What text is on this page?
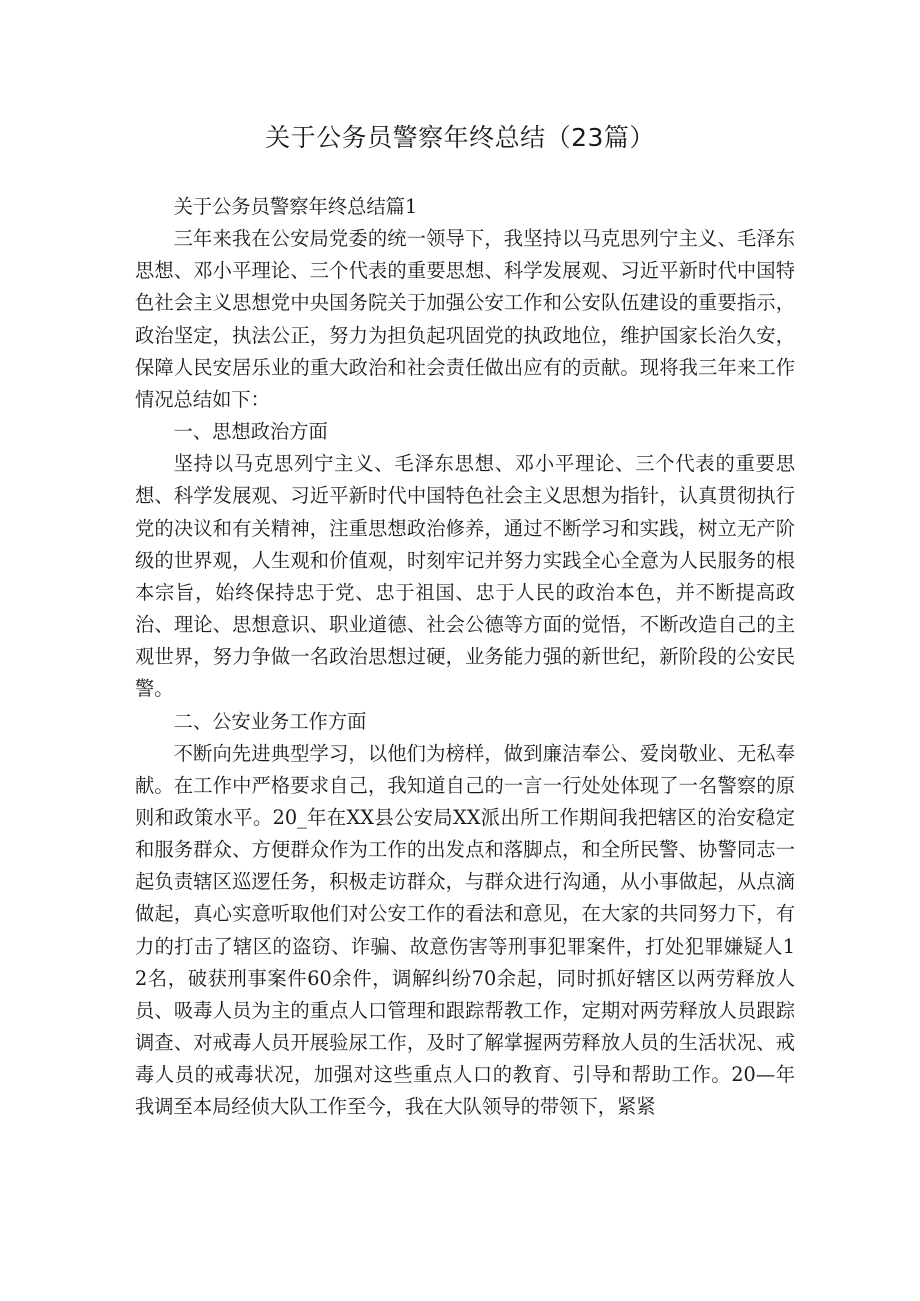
关于公务员警察年终总结（23篇）

关于公务员警察年终总结篇1

三年来我在公安局党委的统一领导下，我坚持以马克思列宁主义、毛泽东思想、邓小平理论、三个代表的重要思想、科学发展观、习近平新时代中国特色社会主义思想党中央国务院关于加强公安工作和公安队伍建设的重要指示，政治坚定，执法公正，努力为担负起巩固党的执政地位，维护国家长治久安，保障人民安居乐业的重大政治和社会责任做出应有的贡献。现将我三年来工作情况总结如下：

一、思想政治方面

坚持以马克思列宁主义、毛泽东思想、邓小平理论、三个代表的重要思想、科学发展观、习近平新时代中国特色社会主义思想为指针，认真贯彻执行党的决议和有关精神，注重思想政治修养，通过不断学习和实践，树立无产阶级的世界观，人生观和价值观，时刻牢记并努力实践全心全意为人民服务的根本宗旨，始终保持忠于党、忠于祖国、忠于人民的政治本色，并不断提高政治、理论、思想意识、职业道德、社会公德等方面的觉悟，不断改造自己的主观世界，努力争做一名政治思想过硬，业务能力强的新世纪，新阶段的公安民警。

二、公安业务工作方面

不断向先进典型学习，以他们为榜样，做到廉洁奉公、爱岗敬业、无私奉献。在工作中严格要求自己，我知道自己的一言一行处处体现了一名警察的原则和政策水平。20_年在XX县公安局XX派出所工作期间我把辖区的治安稳定和服务群众、方便群众作为工作的出发点和落脚点，和全所民警、协警同志一起负责辖区巡逻任务，积极走访群众，与群众进行沟通，从小事做起，从点滴做起，真心实意听取他们对公安工作的看法和意见，在大家的共同努力下，有力的打击了辖区的盗窃、诈骗、故意伤害等刑事犯罪案件，打处犯罪嫌疑人12名，破获刑事案件60余件，调解纠纷70余起，同时抓好辖区以两劳释放人员、吸毒人员为主的重点人口管理和跟踪帮教工作，定期对两劳释放人员跟踪调查、对戒毒人员开展验尿工作，及时了解掌握两劳释放人员的生活状况、戒毒人员的戒毒状况，加强对这些重点人口的教育、引导和帮助工作。20—年我调至本局经侦大队工作至今，我在大队领导的带领下，紧紧
